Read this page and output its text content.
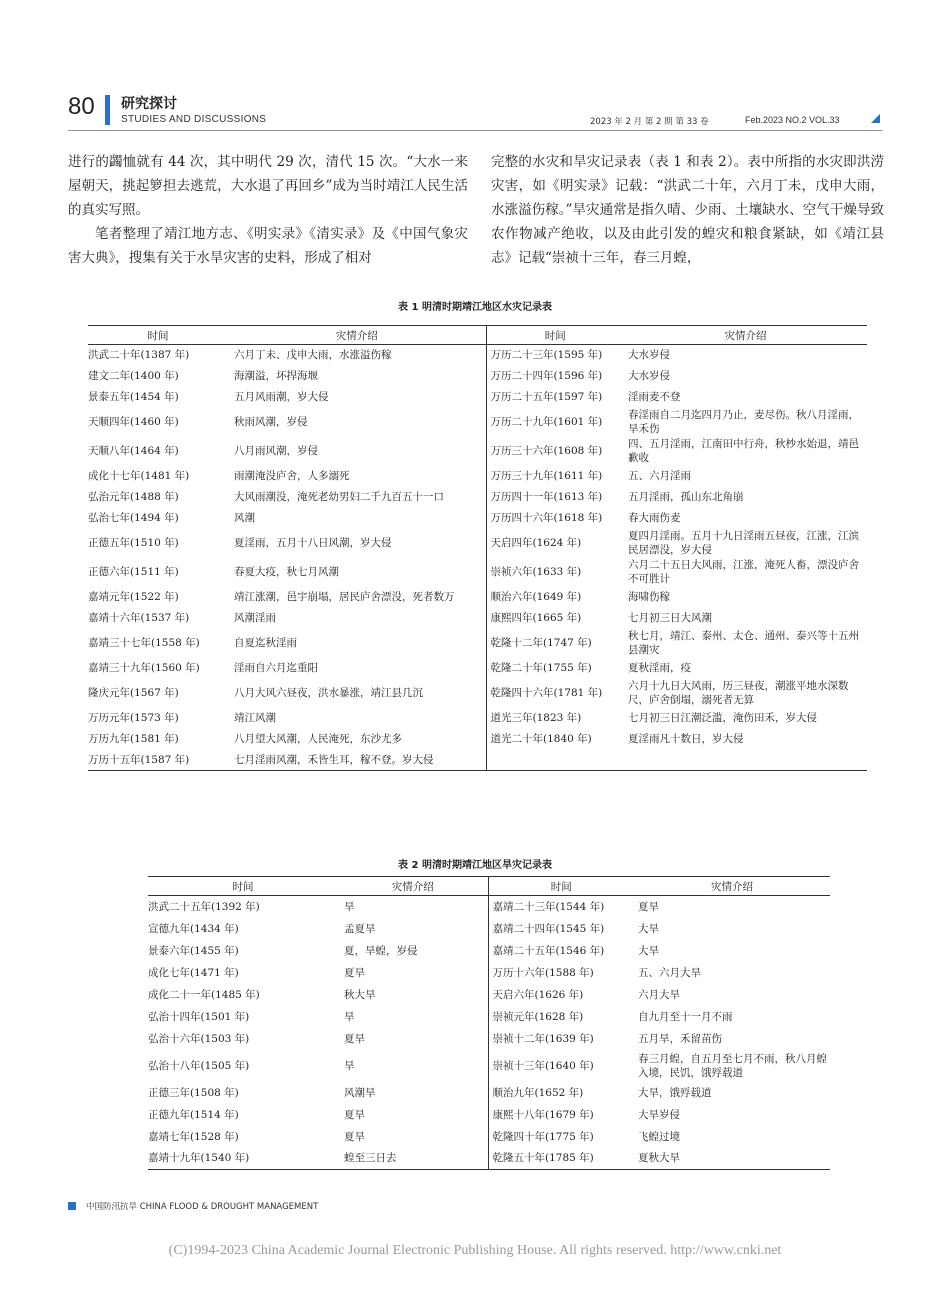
80 研究探讨
STUDIES AND DISCUSSIONS	2023 年 2 月 第 2 期 第 33 卷	Feb.2023 NO.2 VOL.33

进行的蠲恤就有 44 次，其中明代 29 次，清代 15 次。“大水一来屋朝天，挑起箩担去逃荒，大水退了再回乡”成为当时靖江人民生活的真实写照。

笔者整理了靖江地方志、《明实录》《清实录》及《中国气象灾害大典》，搜集有关于水旱灾害的史料，形成了相对

完整的水灾和旱灾记录表（表 1 和表 2）。表中所指的水灾即洪涝灾害，如《明实录》记载：“洪武二十年，六月丁未，戊申大雨，水涨溢伤稼。”旱灾通常是指久晴、少雨、土壤缺水、空气干燥导致农作物减产绝收，以及由此引发的蝗灾和粮食紧缺，如《靖江县志》记载“崇祯十三年，春三月蝗，

表 1 明清时期靖江地区水灾记录表
时间	灾情介绍	时间	灾情介绍
洪武二十年(1387 年)	六月丁未、戊申大雨，水涨溢伤稼	万历二十三年(1595 年)	大水岁侵
建文二年(1400 年)	海潮溢，坏捍海堰	万历二十四年(1596 年)	大水岁侵
景泰五年(1454 年)	五月风雨潮，岁大侵	万历二十五年(1597 年)	淫雨麦不登
天顺四年(1460 年)	秋雨风潮，岁侵	万历二十九年(1601 年)	春淫雨自二月迄四月乃止，麦尽伤。秋八月淫雨，旱禾伤
天顺八年(1464 年)	八月雨风潮，岁侵	万历三十六年(1608 年)	四、五月淫雨，江南田中行舟，秋杪水始退，靖邑歉收
成化十七年(1481 年)	雨潮淹没庐舍，人多溺死	万历三十九年(1611 年)	五、六月淫雨
弘治元年(1488 年)	大风雨潮没，淹死老幼男妇二千九百五十一口	万历四十一年(1613 年)	五月淫雨，孤山东北角崩
弘治七年(1494 年)	风潮	万历四十六年(1618 年)	春大雨伤麦
正德五年(1510 年)	夏淫雨，五月十八日风潮，岁大侵	天启四年(1624 年)	夏四月淫雨。五月十九日淫雨五昼夜，江涨，江滨民居漂没，岁大侵
正德六年(1511 年)	春夏大疫，秋七月风潮	崇祯六年(1633 年)	六月二十五日大风雨，江涨，淹死人畜，漂没庐舍不可胜计
嘉靖元年(1522 年)	靖江涨潮，邑宇崩塌，居民庐舍漂没，死者数万	顺治六年(1649 年)	海啸伤稼
嘉靖十六年(1537 年)	风潮淫雨	康熙四年(1665 年)	七月初三日大风潮
嘉靖三十七年(1558 年)	自夏迄秋淫雨	乾隆十二年(1747 年)	秋七月，靖江、泰州、太仓、通州、泰兴等十五州县潮灾
嘉靖三十九年(1560 年)	淫雨自六月迄重阳	乾隆二十年(1755 年)	夏秋淫雨，疫
隆庆元年(1567 年)	八月大风六昼夜，洪水暴涨，靖江县几沉	乾隆四十六年(1781 年)	六月十九日大风雨，历三昼夜，潮涨平地水深数尺，庐舍倒塌，溺死者无算
万历元年(1573 年)	靖江风潮	道光三年(1823 年)	七月初三日江潮泛滥，淹伤田禾，岁大侵
万历九年(1581 年)	八月望大风潮，人民淹死，东沙尤多	道光二十年(1840 年)	夏淫雨凡十数日，岁大侵
万历十五年(1587 年)	七月淫雨风潮，禾皆生耳，稼不登。岁大侵		
表 2 明清时期靖江地区旱灾记录表
时间	灾情介绍	时间	灾情介绍
洪武二十五年(1392 年)	旱	嘉靖二十三年(1544 年)	夏旱
宣德九年(1434 年)	孟夏旱	嘉靖二十四年(1545 年)	大旱
景泰六年(1455 年)	夏，旱蝗，岁侵	嘉靖二十五年(1546 年)	大旱
成化七年(1471 年)	夏旱	万历十六年(1588 年)	五、六月大旱
成化二十一年(1485 年)	秋大旱	天启六年(1626 年)	六月大旱
弘治十四年(1501 年)	旱	崇祯元年(1628 年)	自九月至十一月不雨
弘治十六年(1503 年)	夏旱	崇祯十二年(1639 年)	五月旱，禾留苗伤
弘治十八年(1505 年)	旱	崇祯十三年(1640 年)	春三月蝗，自五月至七月不雨，秋八月蝗入境，民饥，饿殍载道
正德三年(1508 年)	风潮旱	顺治九年(1652 年)	大旱，饿殍载道
正德九年(1514 年)	夏旱	康熙十八年(1679 年)	大旱岁侵
嘉靖七年(1528 年)	夏旱	乾隆四十年(1775 年)	飞蝗过境
嘉靖十九年(1540 年)	蝗至三日去	乾隆五十年(1785 年)	夏秋大旱
中国防汛抗旱 CHINA FLOOD & DROUGHT MANAGEMENT
(C)1994-2023 China Academic Journal Electronic Publishing House. All rights reserved. http://www.cnki.net
